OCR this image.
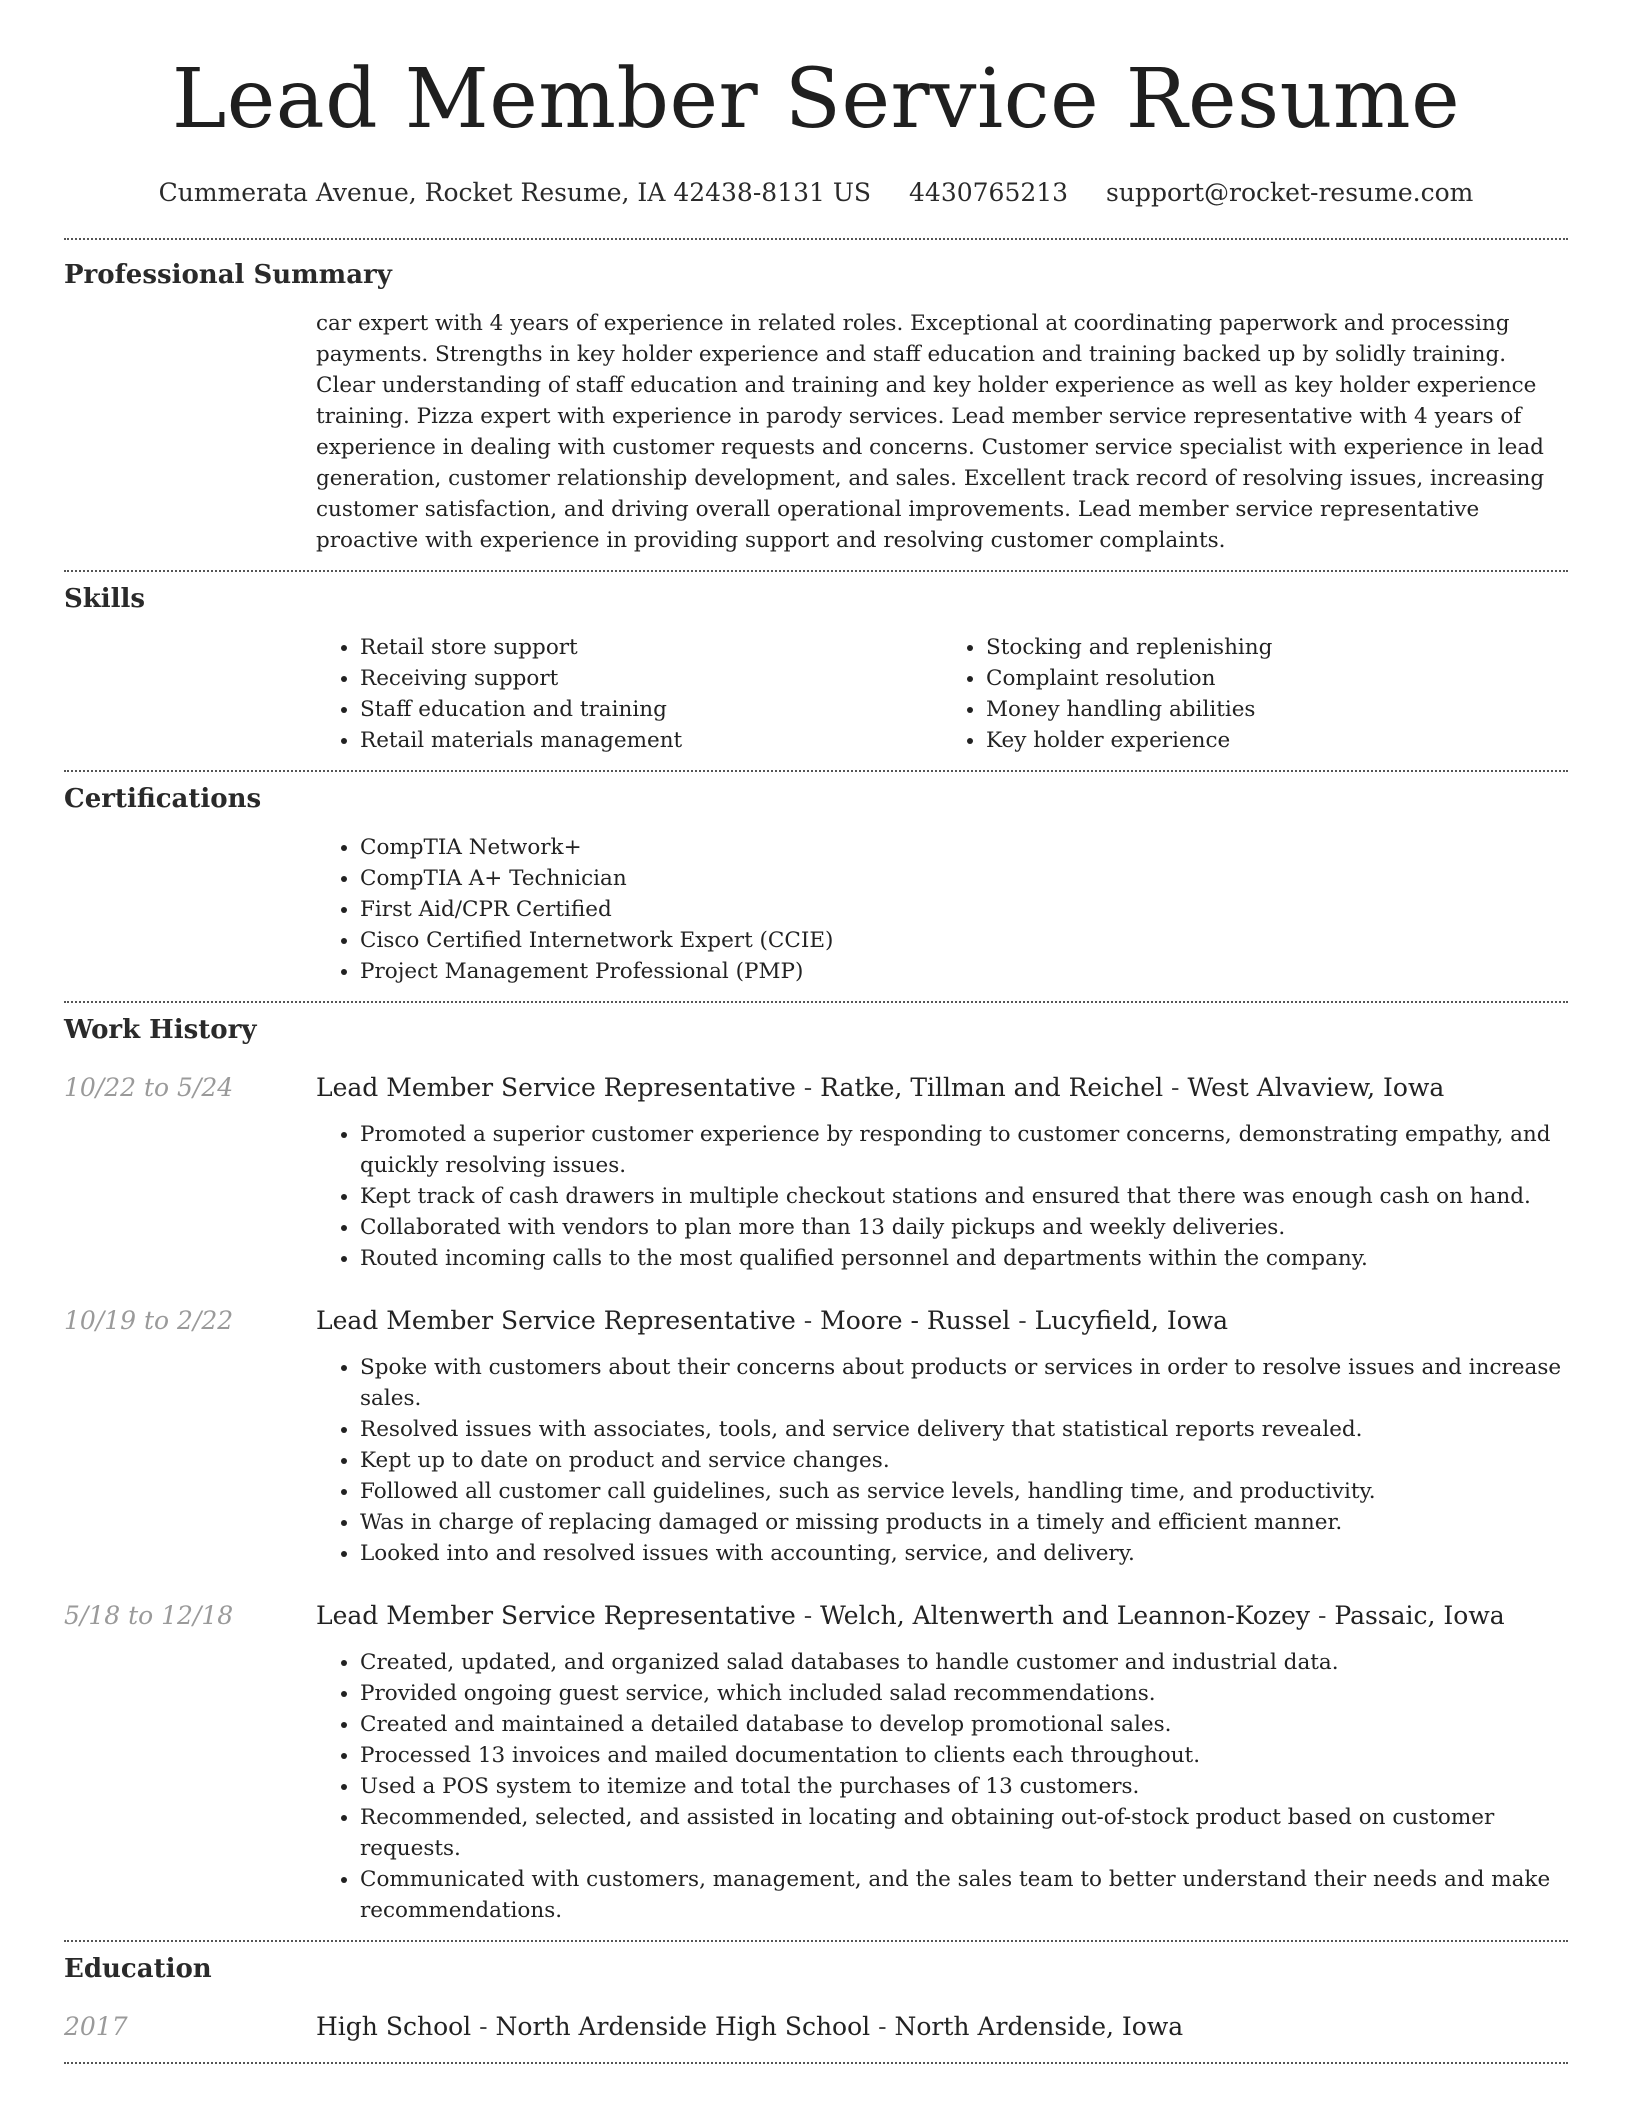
Lead Member Service Resume
Cummerata Avenue, Rocket Resume, IA 42438-8131 US 4430765213 support@rocket-resume.com
Professional Summary

car expert with 4 years of experience in related roles. Exceptional at coordinating paperwork and processing payments. Strengths in key holder experience and staff education and training backed up by solidly training. Clear understanding of staff education and training and key holder experience as well as key holder experience training. Pizza expert with experience in parody services. Lead member service representative with 4 years of experience in dealing with customer requests and concerns. Customer service specialist with experience in lead generation, customer relationship development, and sales. Excellent track record of resolving issues, increasing customer satisfaction, and driving overall operational improvements. Lead member service representative proactive with experience in providing support and resolving customer complaints.

Skills
• Retail store support
• Receiving support
• Staff education and training
• Retail materials management
• Stocking and replenishing
• Complaint resolution
• Money handling abilities
• Key holder experience
Certifications
• CompTIA Network+
• CompTIA A+ Technician
• First Aid/CPR Certified
• Cisco Certified Internetwork Expert (CCIE)
• Project Management Professional (PMP)
Work History
10/22 to 5/24	Lead Member Service Representative - Ratke, Tillman and Reichel - West Alvaview, Iowa
• Promoted a superior customer experience by responding to customer concerns, demonstrating empathy, and quickly resolving issues.
• Kept track of cash drawers in multiple checkout stations and ensured that there was enough cash on hand.
• Collaborated with vendors to plan more than 13 daily pickups and weekly deliveries.
• Routed incoming calls to the most qualified personnel and departments within the company.
10/19 to 2/22	Lead Member Service Representative - Moore - Russel - Lucyfield, Iowa
• Spoke with customers about their concerns about products or services in order to resolve issues and increase sales.
• Resolved issues with associates, tools, and service delivery that statistical reports revealed.
• Kept up to date on product and service changes.
• Followed all customer call guidelines, such as service levels, handling time, and productivity.
• Was in charge of replacing damaged or missing products in a timely and efficient manner.
• Looked into and resolved issues with accounting, service, and delivery.
5/18 to 12/18	Lead Member Service Representative - Welch, Altenwerth and Leannon-Kozey - Passaic, Iowa
• Created, updated, and organized salad databases to handle customer and industrial data.
• Provided ongoing guest service, which included salad recommendations.
• Created and maintained a detailed database to develop promotional sales.
• Processed 13 invoices and mailed documentation to clients each throughout.
• Used a POS system to itemize and total the purchases of 13 customers.
• Recommended, selected, and assisted in locating and obtaining out-of-stock product based on customer requests.
• Communicated with customers, management, and the sales team to better understand their needs and make recommendations.
Education
2017	High School - North Ardenside High School - North Ardenside, Iowa
